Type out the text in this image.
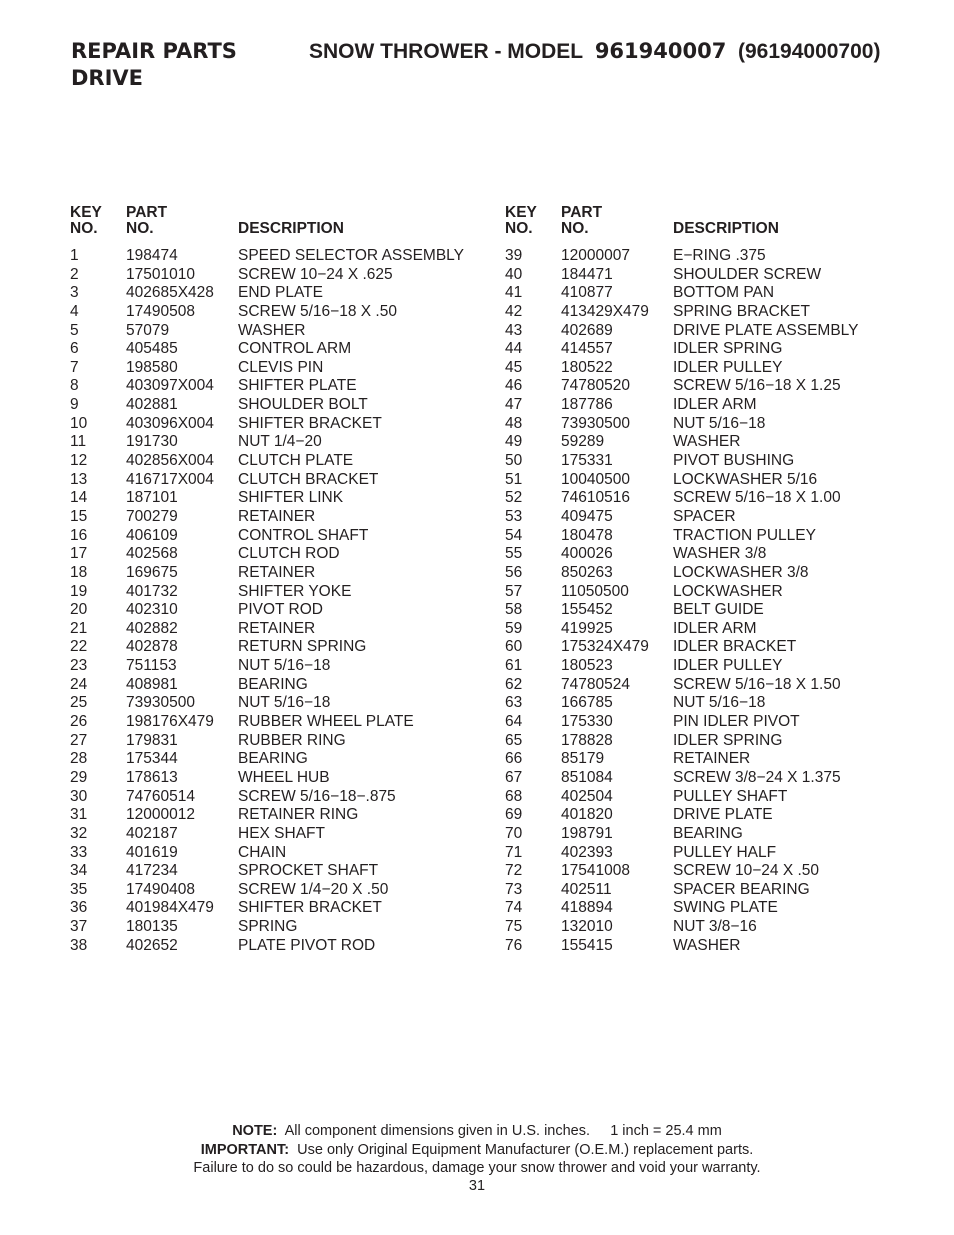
REPAIR PARTS
DRIVE
SNOW THROWER - MODEL 961940007 (96194000700)
KEY
NO.
PART
NO.	DESCRIPTION
1	198474	SPEED SELECTOR ASSEMBLY
2	17501010	SCREW 10−24 X .625
3	402685X428 END PLATE
4	17490508	SCREW 5/16−18 X .50
5	57079	WASHER
6	405485	CONTROL ARM
7	198580	CLEVIS PIN
8	403097X004 SHIFTER PLATE
9	402881	SHOULDER BOLT
10	403096X004 SHIFTER BRACKET
11	191730	NUT 1/4−20
12	402856X004 CLUTCH PLATE
13	416717X004 CLUTCH BRACKET
14	187101	SHIFTER LINK
15	700279	RETAINER
16	406109	CONTROL SHAFT
17	402568	CLUTCH ROD
18	169675	RETAINER
19	401732	SHIFTER YOKE
20	402310	PIVOT ROD
21	402882	RETAINER
22	402878	RETURN SPRING
23	751153	NUT 5/16−18
24	408981	BEARING
25	73930500	NUT 5/16−18
26	198176X479 RUBBER WHEEL PLATE
27	179831	RUBBER RING
28	175344	BEARING
29	178613	WHEEL HUB
30	74760514	SCREW 5/16−18−.875
31	12000012	RETAINER RING
32	402187	HEX SHAFT
33	401619	CHAIN
34	417234	SPROCKET SHAFT
35	17490408	SCREW 1/4−20 X .50
36	401984X479 SHIFTER BRACKET
37	180135	SPRING
38	402652	PLATE PIVOT ROD
KEY
NO.
PART
NO.	DESCRIPTION
39	12000007	E−RING .375
40	184471	SHOULDER SCREW
41	410877	BOTTOM PAN
42	413429X479 SPRING BRACKET
43	402689	DRIVE PLATE ASSEMBLY
44	414557	IDLER SPRING
45	180522	IDLER PULLEY
46	74780520	SCREW 5/16−18 X 1.25
47	187786	IDLER ARM
48	73930500	NUT 5/16−18
49	59289	WASHER
50	175331	PIVOT BUSHING
51	10040500	LOCKWASHER 5/16
52	74610516	SCREW 5/16−18 X 1.00
53	409475	SPACER
54	180478	TRACTION PULLEY
55	400026	WASHER 3/8
56	850263	LOCKWASHER 3/8
57	11050500	LOCKWASHER
58	155452	BELT GUIDE
59	419925	IDLER ARM
60	175324X479 IDLER BRACKET
61	180523	IDLER PULLEY
62	74780524	SCREW 5/16−18 X 1.50
63	166785	NUT 5/16−18
64	175330	PIN IDLER PIVOT
65	178828	IDLER SPRING
66	85179	RETAINER
67	851084	SCREW 3/8−24 X 1.375
68	402504	PULLEY SHAFT
69	401820	DRIVE PLATE
70	198791	BEARING
71	402393	PULLEY HALF
72	17541008	SCREW 10−24 X .50
73	402511	SPACER BEARING
74	418894	SWING PLATE
75	132010	NUT 3/8−16
76	155415	WASHER
NOTE: All component dimensions given in U.S. inches. 1 inch = 25.4 mm
IMPORTANT: Use only Original Equipment Manufacturer (O.E.M.) replacement parts.
Failure to do so could be hazardous, damage your snow thrower and void your warranty.
31
